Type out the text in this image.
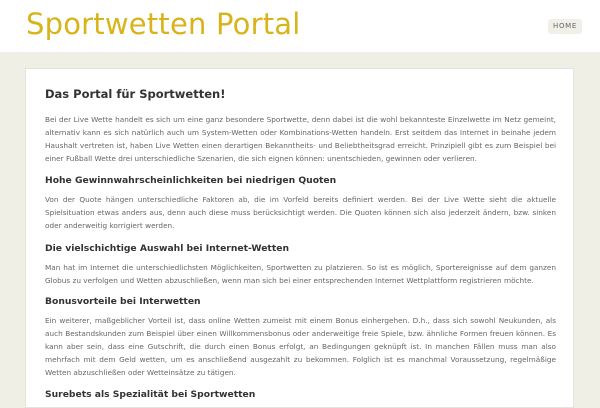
Sportwetten Portal	HOME
Das Portal für Sportwetten!
Bei der Live Wette handelt es sich um eine ganz besondere Sportwette, denn dabei ist die wohl bekannteste Einzelwette im Netz gemeint, alternativ kann es sich natürlich auch um System-Wetten oder Kombinations-Wetten handeln. Erst seitdem das Internet in beinahe jedem Haushalt vertreten ist, haben Live Wetten einen derartigen Bekanntheits- und Beliebtheitsgrad erreicht. Prinzipiell gibt es zum Beispiel bei einer Fußball Wette drei unterschiedliche Szenarien, die sich eignen können: unentschieden, gewinnen oder verlieren.
Hohe Gewinnwahrscheinlichkeiten bei niedrigen Quoten
Von der Quote hängen unterschiedliche Faktoren ab, die im Vorfeld bereits definiert werden. Bei der Live Wette sieht die aktuelle Spielsituation etwas anders aus, denn auch diese muss berücksichtigt werden. Die Quoten können sich also jederzeit ändern, bzw. sinken oder anderweitig korrigiert werden.
Die vielschichtige Auswahl bei Internet-Wetten
Man hat im Internet die unterschiedlichsten Möglichkeiten, Sportwetten zu platzieren. So ist es möglich, Sportereignisse auf dem ganzen Globus zu verfolgen und Wetten abzuschließen, wenn man sich bei einer entsprechenden Internet Wettplattform registrieren möchte.
Bonusvorteile bei Interwetten
Ein weiterer, maßgeblicher Vorteil ist, dass online Wetten zumeist mit einem Bonus einhergehen. D.h., dass sich sowohl Neukunden, als auch Bestandskunden zum Beispiel über einen Willkommensbonus oder anderweitige freie Spiele, bzw. ähnliche Formen freuen können. Es kann aber sein, dass eine Gutschrift, die durch einen Bonus erfolgt, an Bedingungen geknüpft ist. In manchen Fällen muss man also mehrfach mit dem Geld wetten, um es anschließend ausgezahlt zu bekommen. Folglich ist es manchmal Voraussetzung, regelmäßige Wetten abzuschließen oder Wetteinsätze zu tätigen.
Surebets als Spezialität bei Sportwetten
